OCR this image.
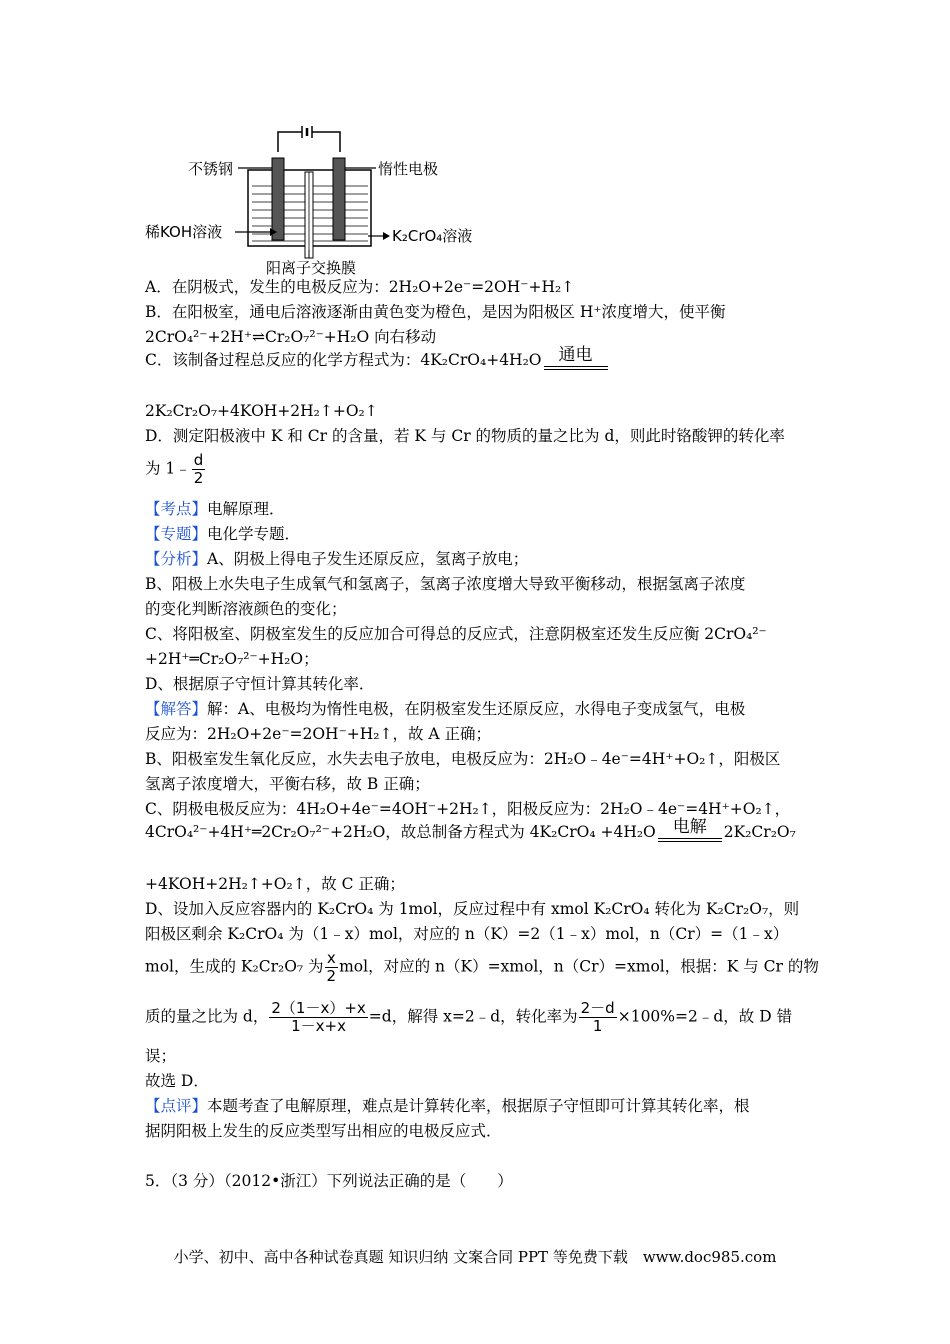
不锈钢	惰性电极
稀KOH溶液	K₂CrO₄溶液
阳离子交换膜
A．在阴极式，发生的电极反应为：2H₂O+2e⁻=2OH⁻+H₂↑
B．在阳极室，通电后溶液逐渐由黄色变为橙色，是因为阳极区 H⁺浓度增大，使平衡
2CrO₄²⁻+2H⁺⇌Cr₂O₇²⁻+H₂O 向右移动
C．该制备过程总反应的化学方程式为：4K₂CrO₄+4H₂O 通电
2K₂Cr₂O₇+4KOH+2H₂↑+O₂↑
D．测定阳极液中 K 和 Cr 的含量，若 K 与 Cr 的物质的量之比为 d，则此时铬酸钾的转化率
为 1﹣ $\frac{d}{2}$
【考点】电解原理．
【专题】电化学专题．
【分析】A、阴极上得电子发生还原反应，氢离子放电；
B、阳极上水失电子生成氧气和氢离子，氢离子浓度增大导致平衡移动，根据氢离子浓度
的变化判断溶液颜色的变化；
C、将阳极室、阴极室发生的反应加合可得总的反应式，注意阴极室还发生反应衡 2CrO₄²⁻
+2H⁺═Cr₂O₇²⁻+H₂O；
D、根据原子守恒计算其转化率．
【解答】解：A、电极均为惰性电极，在阴极室发生还原反应，水得电子变成氢气，电极
反应为：2H₂O+2e⁻=2OH⁻+H₂↑，故 A 正确；
B、阳极室发生氧化反应，水失去电子放电，电极反应为：2H₂O﹣4e⁻=4H⁺+O₂↑，阳极区
氢离子浓度增大，平衡右移，故 B 正确；
C、阴极电极反应为：4H₂O+4e⁻=4OH⁻+2H₂↑，阳极反应为：2H₂O﹣4e⁻=4H⁺+O₂↑，
4CrO₄²⁻+4H⁺═2Cr₂O₇²⁻+2H₂O，故总制备方程式为 4K₂CrO₄ +4H₂O 电解 2K₂Cr₂O₇
+4KOH+2H₂↑+O₂↑，故 C 正确；
D、设加入反应容器内的 K₂CrO₄ 为 1mol，反应过程中有 xmol K₂CrO₄ 转化为 K₂Cr₂O₇，则
阳极区剩余 K₂CrO₄ 为（1﹣x）mol，对应的 n（K）=2（1﹣x）mol，n（Cr）=（1﹣x）
mol，生成的 K₂Cr₂O₇ 为 $\frac{x}{2}$ mol，对应的 n（K）=xmol，n（Cr）=xmol，根据：K 与 Cr 的物
质的量之比为 d， $\frac{2(1-x)+x}{1-x+x} =d$，解得 x=2﹣d，转化率为 $\frac{2-d}{1}$ ×100%=2﹣d，故 D 错
误；
故选 D．
【点评】本题考查了电解原理，难点是计算转化率，根据原子守恒即可计算其转化率，根
据阴阳极上发生的反应类型写出相应的电极反应式．
5．（3 分）（2012•浙江）下列说法正确的是（　　）
小学、初中、高中各种试卷真题 知识归纳 文案合同 PPT 等免费下载　www.doc985.com
